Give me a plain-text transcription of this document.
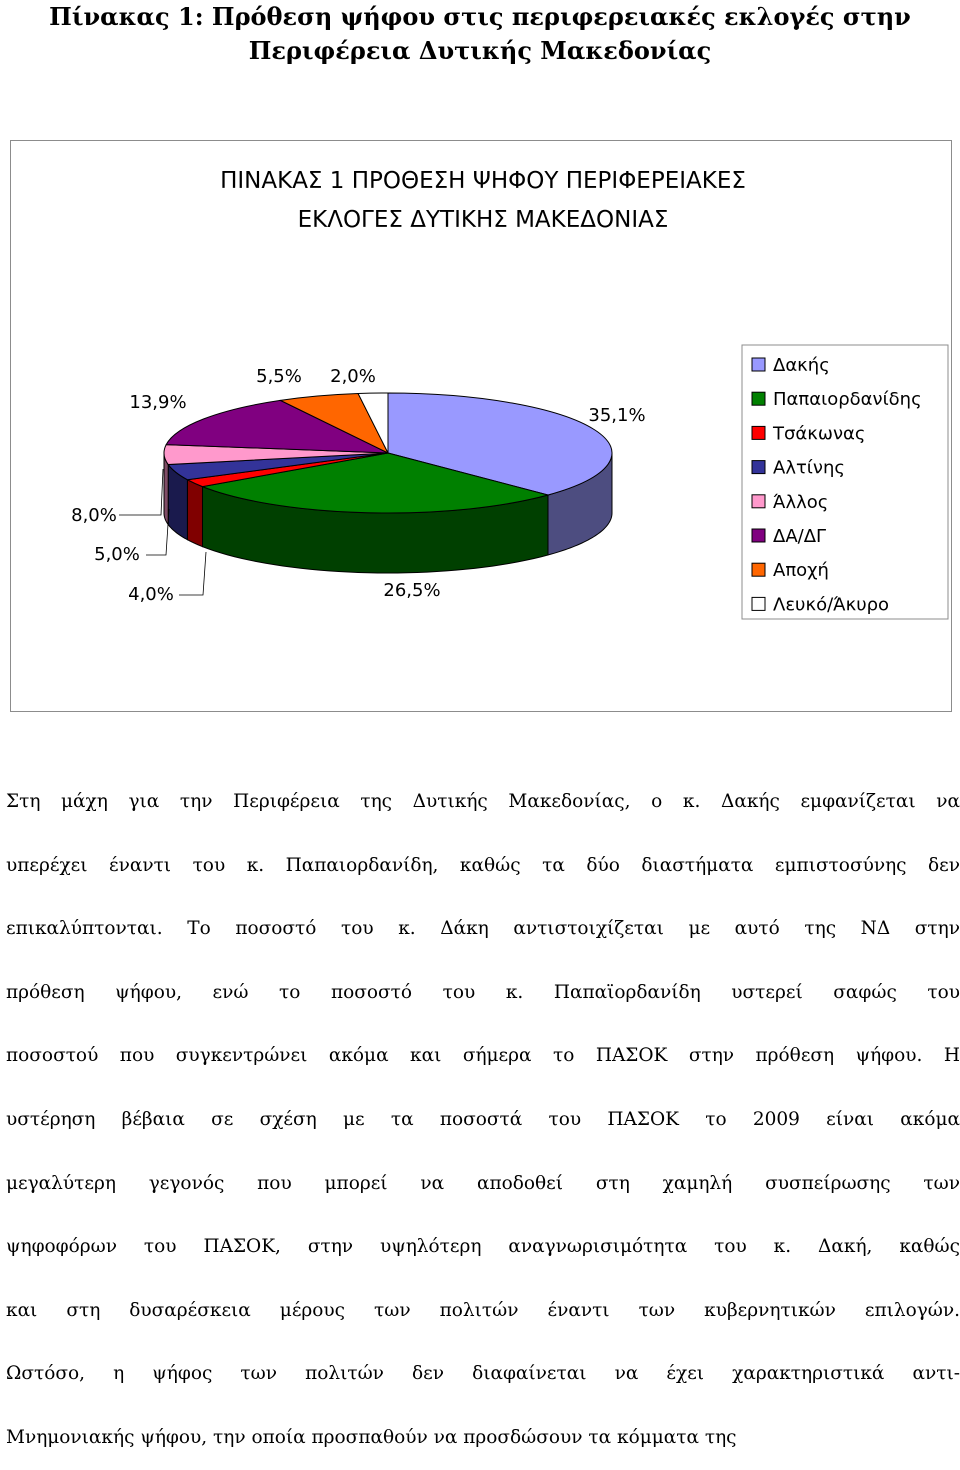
Πίνακας 1: Πρόθεση ψήφου στις περιφερειακές εκλογές στην
Περιφέρεια Δυτικής Μακεδονίας
ΠΙΝΑΚΑΣ 1 ΠΡΟΘΕΣΗ ΨΗΦΟΥ ΠΕΡΙΦΕΡΕΙΑΚΕΣ
ΕΚΛΟΓΕΣ ΔΥΤΙΚΗΣ ΜΑΚΕΔΟΝΙΑΣ
35,1%
26,5%
4,0%
5,0%
13,9%
5,5% 2,0%
8,0%
Δακής
Παπαιορδανίδης
Τσάκωνας
Αλτίνης
Άλλος
ΔΑ/ΔΓ
Αποχή
Λευκό/Άκυρο
Στη μάχη για την Περιφέρεια της Δυτικής Μακεδονίας, ο κ. Δακής εμφανίζεται να
υπερέχει έναντι του κ. Παπαιορδανίδη, καθώς τα δύο διαστήματα εμπιστοσύνης δεν
επικαλύπτονται. Το ποσοστό του κ. Δάκη αντιστοιχίζεται με αυτό της ΝΔ στην
πρόθεση ψήφου, ενώ το ποσοστό του κ. Παπαϊορδανίδη υστερεί σαφώς του
ποσοστού που συγκεντρώνει ακόμα και σήμερα το ΠΑΣΟΚ στην πρόθεση ψήφου. Η
υστέρηση βέβαια σε σχέση με τα ποσοστά του ΠΑΣΟΚ το 2009 είναι ακόμα
μεγαλύτερη γεγονός που μπορεί να αποδοθεί στη χαμηλή συσπείρωσης των
ψηφοφόρων του ΠΑΣΟΚ, στην υψηλότερη αναγνωρισιμότητα του κ. Δακή, καθώς
και στη δυσαρέσκεια μέρους των πολιτών έναντι των κυβερνητικών επιλογών.
Ωστόσο, η ψήφος των πολιτών δεν διαφαίνεται να έχει χαρακτηριστικά αντι-
Μνημονιακής ψήφου, την οποία προσπαθούν να προσδώσουν τα κόμματα της
